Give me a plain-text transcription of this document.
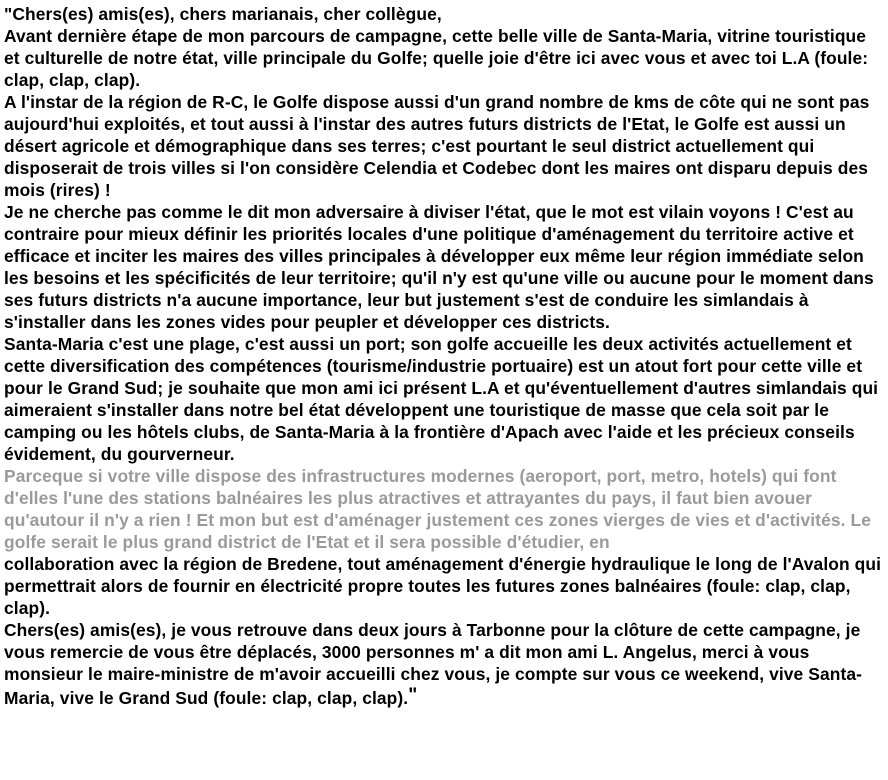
"Chers(es) amis(es), chers marianais, cher collègue,

Avant dernière étape de mon parcours de campagne, cette belle ville de Santa-Maria, vitrine touristique et culturelle de notre état, ville principale du Golfe; quelle joie d'être ici avec vous et avec toi L.A (foule: clap, clap, clap).

A l'instar de la région de R-C, le Golfe dispose aussi d'un grand nombre de kms de côte qui ne sont pas aujourd'hui exploités, et tout aussi à l'instar des autres futurs districts de l'Etat, le Golfe est aussi un désert agricole et démographique dans ses terres; c'est pourtant le seul district actuellement qui disposerait de trois villes si l'on considère Celendia et Codebec dont les maires ont disparu depuis des mois (rires) !

Je ne cherche pas comme le dit mon adversaire à diviser l'état, que le mot est vilain voyons ! C'est au contraire pour mieux définir les priorités locales d'une politique d'aménagement du territoire active et efficace et inciter les maires des villes principales à développer eux même leur région immédiate selon les besoins et les spécificités de leur territoire; qu'il n'y est qu'une ville ou aucune pour le moment dans ses futurs districts n'a aucune importance, leur but justement s'est de conduire les simlandais à s'installer dans les zones vides pour peupler et développer ces districts.

Santa-Maria c'est une plage, c'est aussi un port; son golfe accueille les deux activités actuellement et cette diversification des compétences (tourisme/industrie portuaire) est un atout fort pour cette ville et pour le Grand Sud; je souhaite que mon ami ici présent L.A et qu'éventuellement d'autres simlandais qui aimeraient s'installer dans notre bel état développent une touristique de masse que cela soit par le camping ou les hôtels clubs, de Santa-Maria à la frontière d'Apach avec l'aide et les précieux conseils évidement, du gourverneur.

Parceque si votre ville dispose des infrastructures modernes (aeroport, port, metro, hotels) qui font d'elles l'une des stations balnéaires les plus atractives et attrayantes du pays, il faut bien avouer qu'autour il n'y a rien ! Et mon but est d'aménager justement ces zones vierges de vies et d'activités. Le golfe serait le plus grand district de l'Etat et il sera possible d'étudier, en

collaboration avec la région de Bredene, tout aménagement d'énergie hydraulique le long de l'Avalon qui permettrait alors de fournir en électricité propre toutes les futures zones balnéaires (foule: clap, clap, clap).

Chers(es) amis(es), je vous retrouve dans deux jours à Tarbonne pour la clôture de cette campagne, je vous remercie de vous être déplacés, 3000 personnes m' a dit mon ami L. Angelus, merci à vous monsieur le maire-ministre de m'avoir accueilli chez vous, je compte sur vous ce weekend, vive Santa-Maria, vive le Grand Sud (foule: clap, clap, clap)."
